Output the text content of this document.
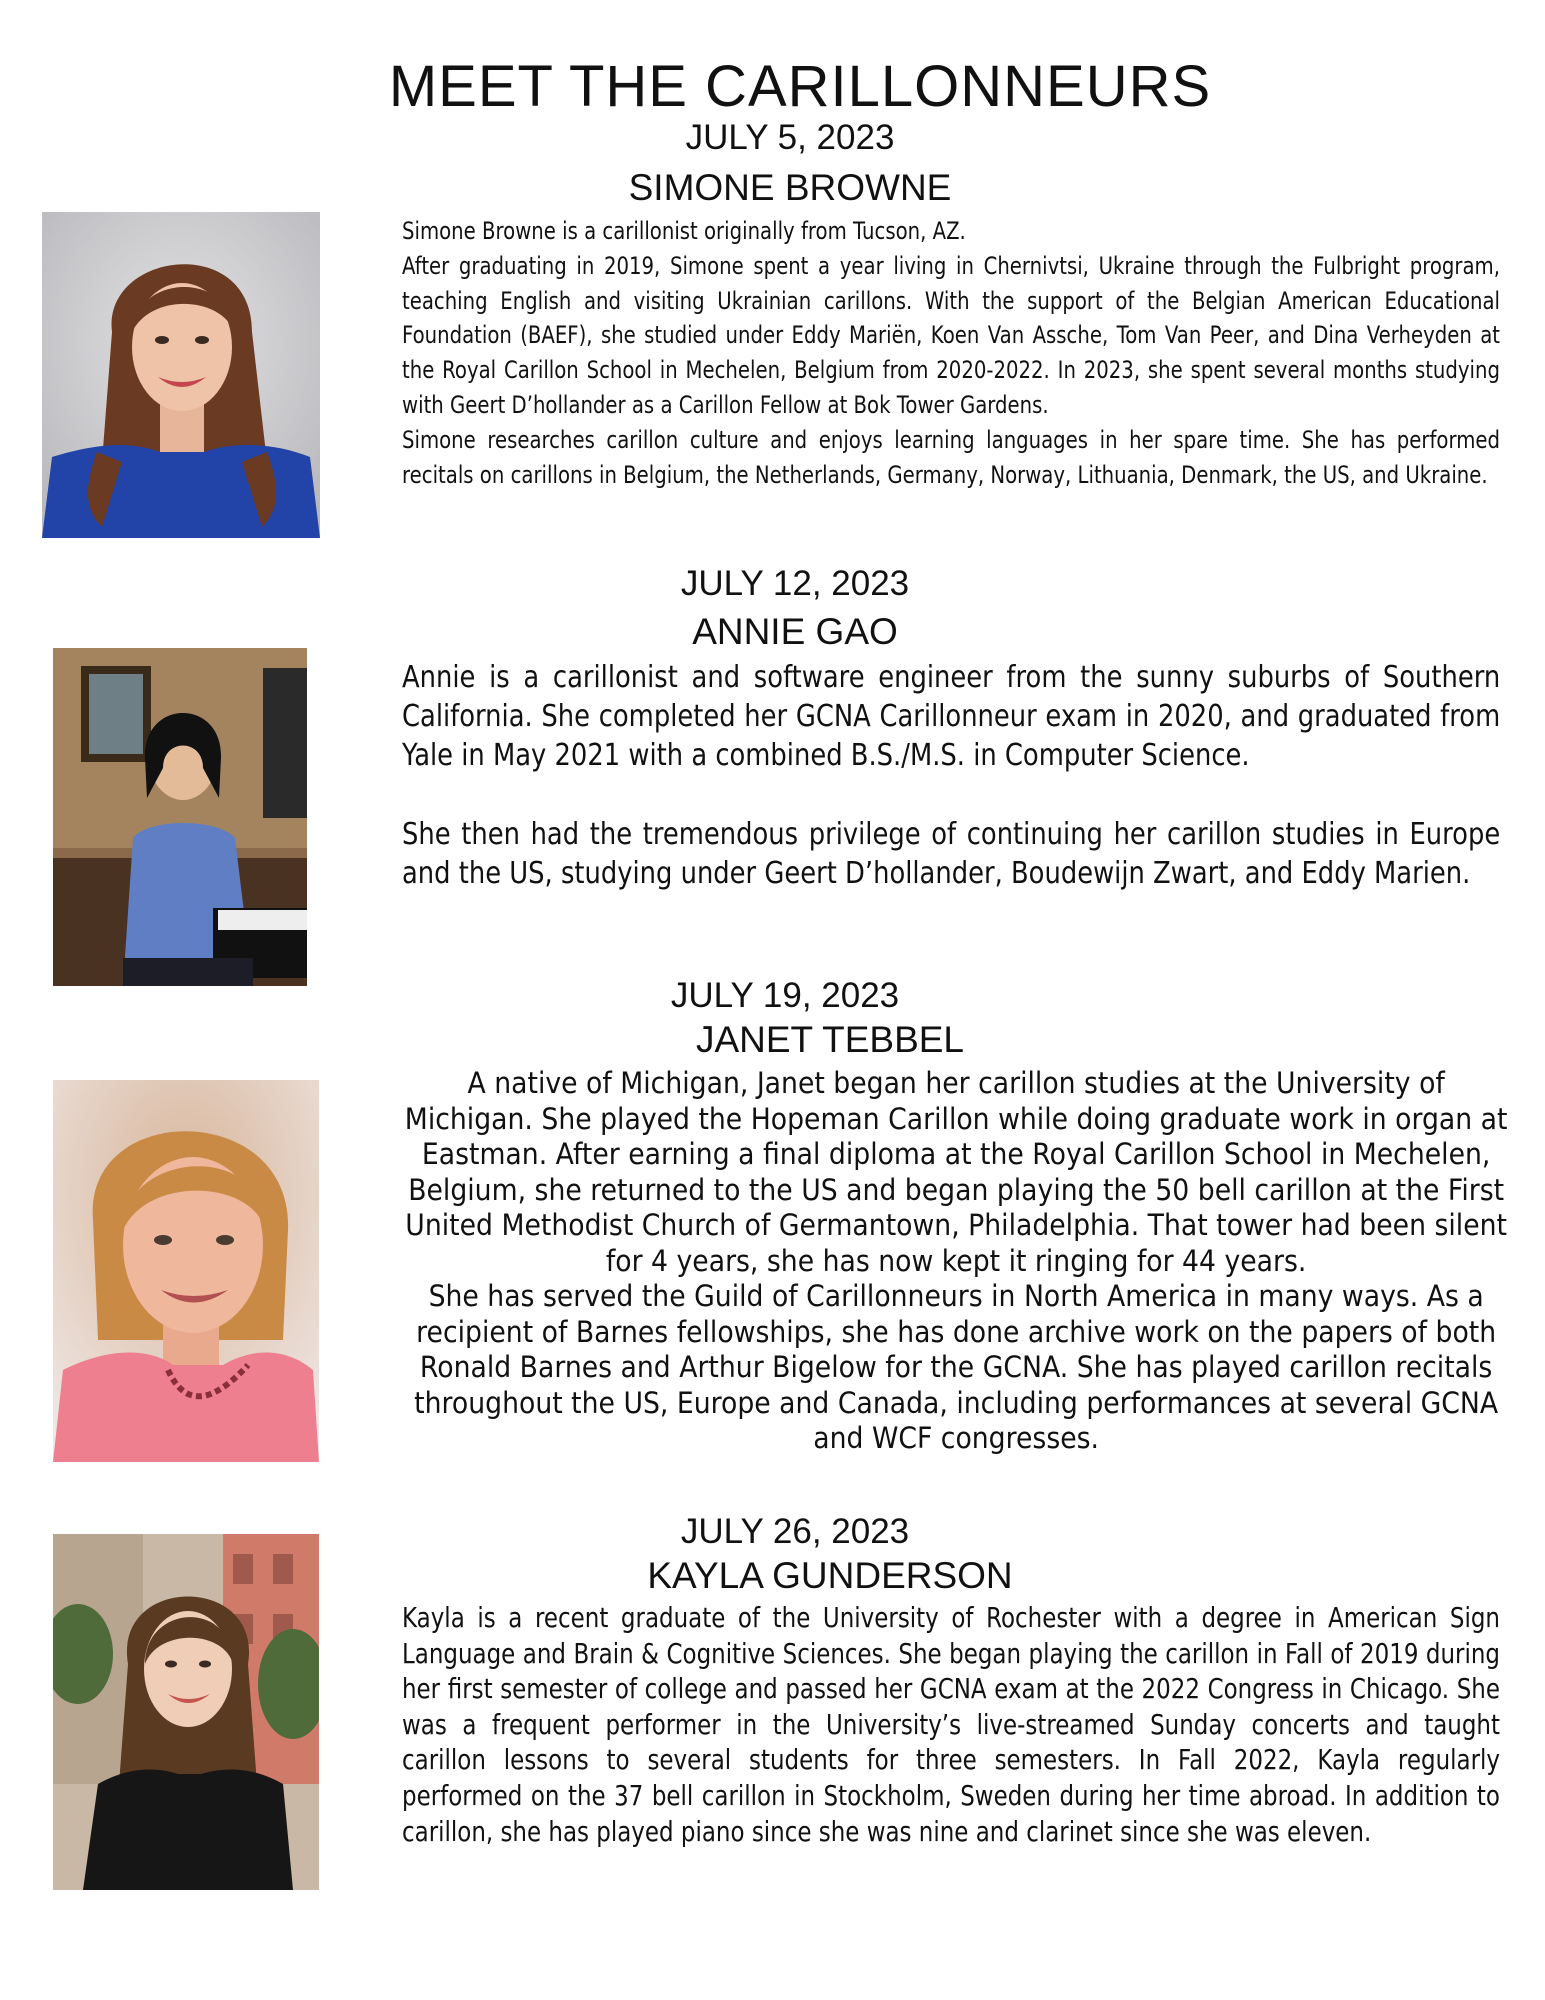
MEET THE CARILLONNEURS
JULY 5, 2023
SIMONE BROWNE

Simone Browne is a carillonist originally from Tucson, AZ.

After graduating in 2019, Simone spent a year living in Chernivtsi, Ukraine through the Fulbright program, teaching English and visiting Ukrainian carillons. With the support of the Belgian American Educational Foundation (BAEF), she studied under Eddy Mariën, Koen Van Assche, Tom Van Peer, and Dina Verheyden at the Royal Carillon School in Mechelen, Belgium from 2020-2022. In 2023, she spent several months studying with Geert D’hollander as a Carillon Fellow at Bok Tower Gardens.

Simone researches carillon culture and enjoys learning languages in her spare time. She has performed recitals on carillons in Belgium, the Netherlands, Germany, Norway, Lithuania, Denmark, the US, and Ukraine.

JULY 12, 2023
ANNIE GAO

Annie is a carillonist and software engineer from the sunny suburbs of Southern California. She completed her GCNA Carillonneur exam in 2020, and graduated from Yale in May 2021 with a combined B.S./M.S. in Computer Science.

She then had the tremendous privilege of continuing her carillon studies in Europe and the US, studying under Geert D’hollander, Boudewijn Zwart, and Eddy Marien.

JULY 19, 2023
JANET TEBBEL

A native of Michigan, Janet began her carillon studies at the University of Michigan. She played the Hopeman Carillon while doing graduate work in organ at Eastman. After earning a final diploma at the Royal Carillon School in Mechelen, Belgium, she returned to the US and began playing the 50 bell carillon at the First United Methodist Church of Germantown, Philadelphia. That tower had been silent for 4 years, she has now kept it ringing for 44 years.

She has served the Guild of Carillonneurs in North America in many ways. As a recipient of Barnes fellowships, she has done archive work on the papers of both Ronald Barnes and Arthur Bigelow for the GCNA. She has played carillon recitals throughout the US, Europe and Canada, including performances at several GCNA and WCF congresses.

JULY 26, 2023
KAYLA GUNDERSON

Kayla is a recent graduate of the University of Rochester with a degree in American Sign Language and Brain & Cognitive Sciences. She began playing the carillon in Fall of 2019 during her first semester of college and passed her GCNA exam at the 2022 Congress in Chicago. She was a frequent performer in the University’s live-streamed Sunday concerts and taught carillon lessons to several students for three semesters. In Fall 2022, Kayla regularly performed on the 37 bell carillon in Stockholm, Sweden during her time abroad. In addition to carillon, she has played piano since she was nine and clarinet since she was eleven.
